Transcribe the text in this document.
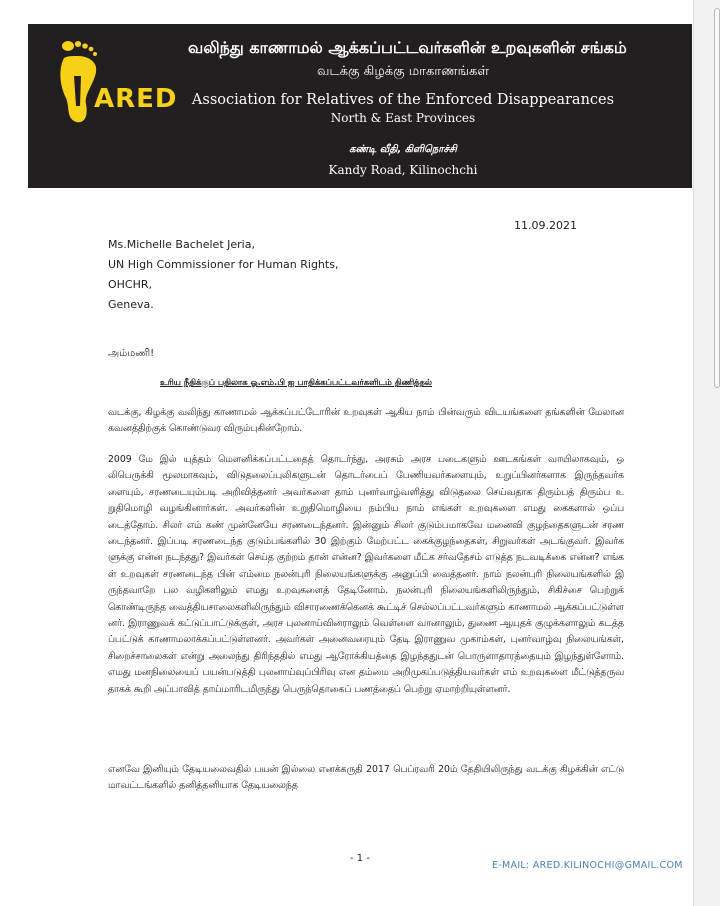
ARED
வலிந்து காணாமல் ஆக்கப்பட்டவர்களின் உறவுகளின் சங்கம்
வடக்கு கிழக்கு மாகாணங்கள்
Association for Relatives of the Enforced Disappearances
North & East Provinces
கண்டி வீதி, கிளிநொச்சி
Kandy Road, Kilinochchi
11.09.2021
Ms.Michelle Bachelet Jeria,
UN High Commissioner for Human Rights,
OHCHR,
Geneva.
அம்மணி!
உரிய நீதிக்குப் பதிலாக ஓ.எம்.பி ஐ பாதிக்கப்பட்டவர்களிடம் திணித்தல்
வடக்கு, கிழக்கு வலிந்து காணாமல் ஆக்கப்பட்டோரின் உறவுகள் ஆகிய நாம் பின்வரும் விடயங்களை தங்களின் மேலான கவனத்திற்குக் கொண்டுவர விரும்புகின்றோம்.
2009 மே இல் யுத்தம் மௌனிக்கப்பட்டதைத் தொடர்ந்து, அரசும் அரச படைகளும் ஊடகங்கள் வாயிலாகவும், ஒலிபெருக்கி மூலமாகவும், விடுதலைப்புலிகளுடன் தொடர்பைப் பேணியவர்களையும், உறுப்பினர்களாக இருந்தவர்களையும், சரணடையும்படி அறிவித்தனர் அவர்களை தாம் புனர்வாழ்வளித்து விடுதலை செய்வதாக திரும்பத் திரும்ப உறுதிமொழி வழங்கினார்கள். அவர்களின் உறுதிமொழியை நம்பிய நாம் எங்கள் உறவுகளை எமது கைகளால் ஒப்படைத்தோம். சிலர் எம் கண் முன்னேயே சரணடைந்தனர். இன்னும் சிலர் குடும்பமாகவே மனைவி குழந்தைகளுடன் சரணடைந்தனர். இப்படி சரணடைந்த குடும்பங்களில் 30 இற்கும் மேற்பட்ட கைக்குழந்தைகள், சிறுவர்கள் அடங்குவர். இவர்களுக்கு என்ன நடந்தது? இவர்கள் செய்த குற்றம் தான் என்ன? இவர்களை மீட்க சர்வதேசம் எடுத்த நடவடிக்கை என்ன? எங்கள் உறவுகள் சரணடைந்த பின் எம்மை நலன்புரி நிலையங்களுக்கு அனுப்பி வைத்தனர். நாம் நலன்புரி நிலையங்களில் இருந்தவாறே பல வழிகளிலும் எமது உறவுகளைத் தேடினோம். நலன்புரி நிலையங்களிலிருந்தும், சிகிச்சை பெற்றுக் கொண்டிருந்த வைத்தியசாலைகளிலிருந்தும் விசாரணைக்கெனக் கூட்டிச் செல்லப்பட்டவர்களும் காணாமல் ஆக்கப்பட்டுள்ளனர். இராணுவக் கட்டுப்பாட்டுக்குள், அரச புலனாய்வினராலும் வெள்ளை வானாலும், துணை ஆயுதக் குழுக்களாலும் கடத்தப்பட்டுக் காணாமலாக்கப்பட்டுள்ளனர். அவர்கள் அனைவரையும் தேடி இராணுவ முகாம்கள், புனர்வாழ்வு நிலையங்கள், சிறைச்சாலைகள் என்று அலைந்து திரிந்ததில் எமது ஆரோக்கியத்தை இழந்ததுடன் பொருளாதாரத்தையும் இழந்துள்ளோம். எமது மனநிலையைப் பயன்படுத்தி புலனாய்வுப்பிரிவு என தம்மை அறிமுகப்படுத்தியவர்கள் எம் உறவுகளை மீட்டுத்தருவதாகக் கூறி அப்பாவித் தாய்மாரிடமிருந்து பெருந்தொகைப் பணத்தைப் பெற்று ஏமாற்றியுள்ளனர்.
எனவே இனியும் தேடியலைவதில் பயன் இல்லை எனக்கருதி 2017 பெப்ரவரி 20ம் தேதியிலிருந்து வடக்கு கிழக்கின் எட்டு மாவட்டங்களில் தனித்தனியாக தேடியலைந்த
- 1 -
E-MAIL: ARED.KILINOCHI@GMAIL.COM
